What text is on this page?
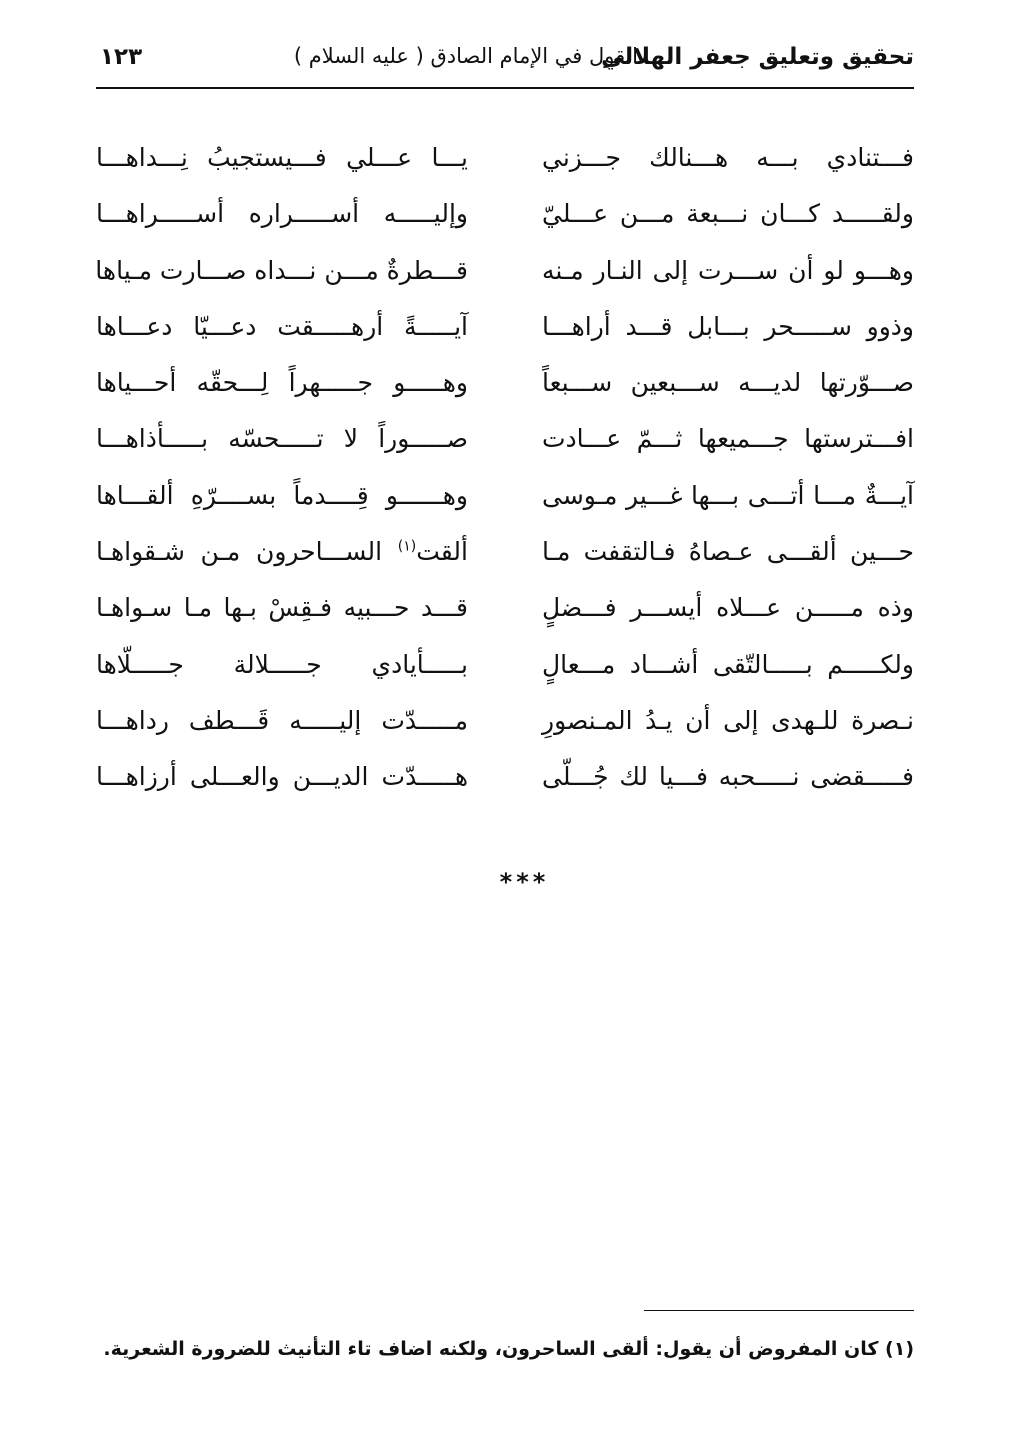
تحقيق وتعليق جعفر الهلالي
القول في الإمام الصادق ( عليه السلام )
١٢٣
فـــتنادي بـــه هـــنالك جـــزني
يـــا عـــلي فـــيستجيبُ نِـــداهـــا
ولقـــــد كـــان نـــبعة مـــن عـــليّ
وإليـــــه أســـــراره أســـــراهـــا
وهـــو لو أن ســـرت إلى النـار مـنه
قـــطرةٌ مـــن نـــداه صـــارت مـياها
وذوو ســـــحر بـــابل قـــد أراهـــا
آيـــــةً أرهـــــقت دعـــيّا دعـــاها
صـــوّرتها لديـــه ســـبعين ســـبعاً
وهـــــو جـــــهراً لِـــحقّه أحـــياها
افـــترستها جـــميعها ثـــمّ عـــادت
صـــــوراً لا تـــــحسّه بـــــأذاهـــا
آيـــةٌ مـــا أتـــى بـــها غـــير مـوسى
وهــــــو قِــــدماً بســــرّهِ ألقـــاها
حـــين ألقـــى عـصاهُ فـالتقفت مـا
ألقت$^{(١)}$ الســـاحرون مـن شـقواهـا
وذه مـــــن عـــلاه أيســـر فـــضلٍ
قـــد حـــبيه فـقِسْ بـها مـا سـواهـا
ولكـــــم بـــــالتّقى أشـــاد مـــعالٍ
بـــــأيادي جـــــلالة جـــــلّاها
نـصرة للـهدى إلى أن يـدُ المـنصورِ
مـــــدّت إليـــــه قَـــطف رداهـــا
فـــــقضى نـــــحبه فـــيا لك جُـــلّى
هـــــدّت الديـــن والعـــلى أرزاهـــا
***
(١) كان المفروض أن يقول: ألقى الساحرون، ولكنه اضاف تاء التأنيث للضرورة الشعرية.
